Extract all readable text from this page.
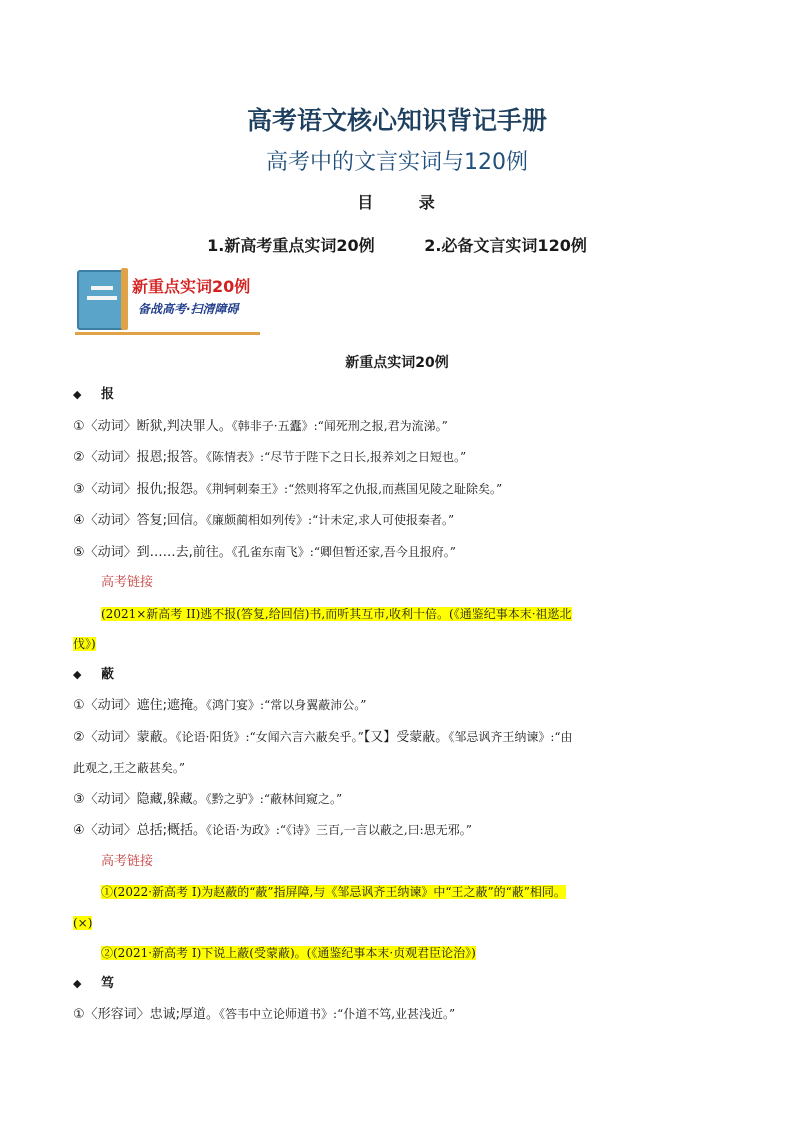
高考语文核心知识背记手册
高考中的文言实词与120例
目	录
1.新高考重点实词20例	2.必备文言实词120例
新重点实词20例
备战高考·扫清障碍
新重点实词20例
◆ 报
①〈动词〉断狱,判决罪人。《韩非子·五蠹》:“闻死刑之报,君为流涕。”
②〈动词〉报恩;报答。《陈情表》:“尽节于陛下之日长,报养刘之日短也。”
③〈动词〉报仇;报怨。《荆轲刺秦王》:“然则将军之仇报,而燕国见陵之耻除矣。”
④〈动词〉答复;回信。《廉颇蔺相如列传》:“计未定,求人可使报秦者。”
⑤〈动词〉到……去,前往。《孔雀东南飞》:“卿但暂还家,吾今且报府。”
高考链接
(2021×新高考 II)逃不报(答复,给回信)书,而听其互市,收利十倍。(《通鉴纪事本末·祖逖北
伐》)
◆ 蔽
①〈动词〉遮住;遮掩。《鸿门宴》:“常以身翼蔽沛公。”
②〈动词〉蒙蔽。《论语·阳货》:“女闻六言六蔽矣乎。”【又】受蒙蔽。《邹忌讽齐王纳谏》:“由
此观之,王之蔽甚矣。”
③〈动词〉隐藏,躲藏。《黔之驴》:“蔽林间窥之。”
④〈动词〉总括;概括。《论语·为政》:“《诗》三百,一言以蔽之,曰:思无邪。”
高考链接
①(2022·新高考 I)为赵蔽的“蔽”指屏障,与《邹忌讽齐王纳谏》中“王之蔽”的“蔽”相同。
(×)
②(2021·新高考 I)下说上蔽(受蒙蔽)。(《通鉴纪事本末·贞观君臣论治》)
◆ 笃
①〈形容词〉忠诚;厚道。《答韦中立论师道书》:“仆道不笃,业甚浅近。”
